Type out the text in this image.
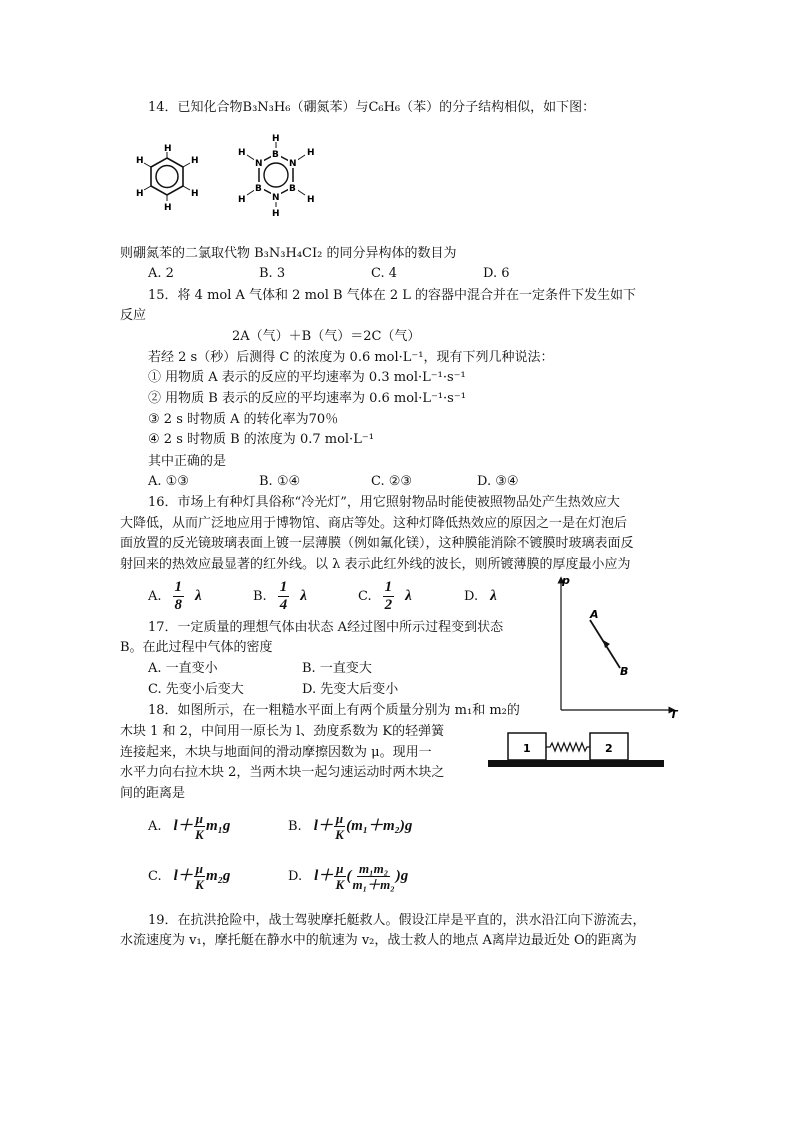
14．已知化合物B₃N₃H₆（硼氮苯）与C₆H₆（苯）的分子结构相似，如下图：
H
H
H
H
H
H
B
N
B
N
B
N
H
H
H
H
H
H
则硼氮苯的二氯取代物 B₃N₃H₄CI₂ 的同分异构体的数目为
A. 2	B. 3	C. 4	D. 6
15．将 4 mol A 气体和 2 mol B 气体在 2 L 的容器中混合并在一定条件下发生如下
反应
2A（气）＋B（气）＝2C（气）
若经 2 s（秒）后测得 C 的浓度为 0.6 mol·L⁻¹，现有下列几种说法：
① 用物质 A 表示的反应的平均速率为 0.3 mol·L⁻¹·s⁻¹
② 用物质 B 表示的反应的平均速率为 0.6 mol·L⁻¹·s⁻¹
③ 2 s 时物质 A 的转化率为70％
④ 2 s 时物质 B 的浓度为 0.7 mol·L⁻¹
其中正确的是
A. ①③	B. ①④	C. ②③	D. ③④
16．市场上有种灯具俗称“冷光灯”，用它照射物品时能使被照物品处产生热效应大
大降低，从而广泛地应用于博物馆、商店等处。这种灯降低热效应的原因之一是在灯泡后
面放置的反光镜玻璃表面上镀一层薄膜（例如氟化镁），这种膜能消除不镀膜时玻璃表面反
射回来的热效应最显著的红外线。以 λ 表示此红外线的波长，则所镀薄膜的厚度最小应为
A. $\frac{1}{8}$ λ	B. $\frac{1}{4}$ λ	C. $\frac{1}{2}$ λ	D. λ
p
T
A
B
17．一定质量的理想气体由状态 A经过图中所示过程变到状态
B。在此过程中气体的密度
A. 一直变小	B. 一直变大
C. 先变小后变大	D. 先变大后变小
18．如图所示，在一粗糙水平面上有两个质量分别为 m₁和 m₂的
木块 1 和 2，中间用一原长为 l、劲度系数为 K的轻弹簧
连接起来，木块与地面间的滑动摩擦因数为 μ。现用一
水平力向右拉木块 2，当两木块一起匀速运动时两木块之
间的距离是
1	2
A. $l+ \frac{\mu}{K} m_1g$	B. $l+ \frac{\mu}{K} (m_1+m_2)g$
C. $l+ \frac{\mu}{K} m_2g$	D. $l+ \frac{\mu}{K}$ ( $\frac{\text{m₁m₂}}{\text{m₁＋m₂}}$ ) g
19．在抗洪抢险中，战士驾驶摩托艇救人。假设江岸是平直的，洪水沿江向下游流去，
水流速度为 v₁，摩托艇在静水中的航速为 v₂，战士救人的地点 A离岸边最近处 O的距离为
